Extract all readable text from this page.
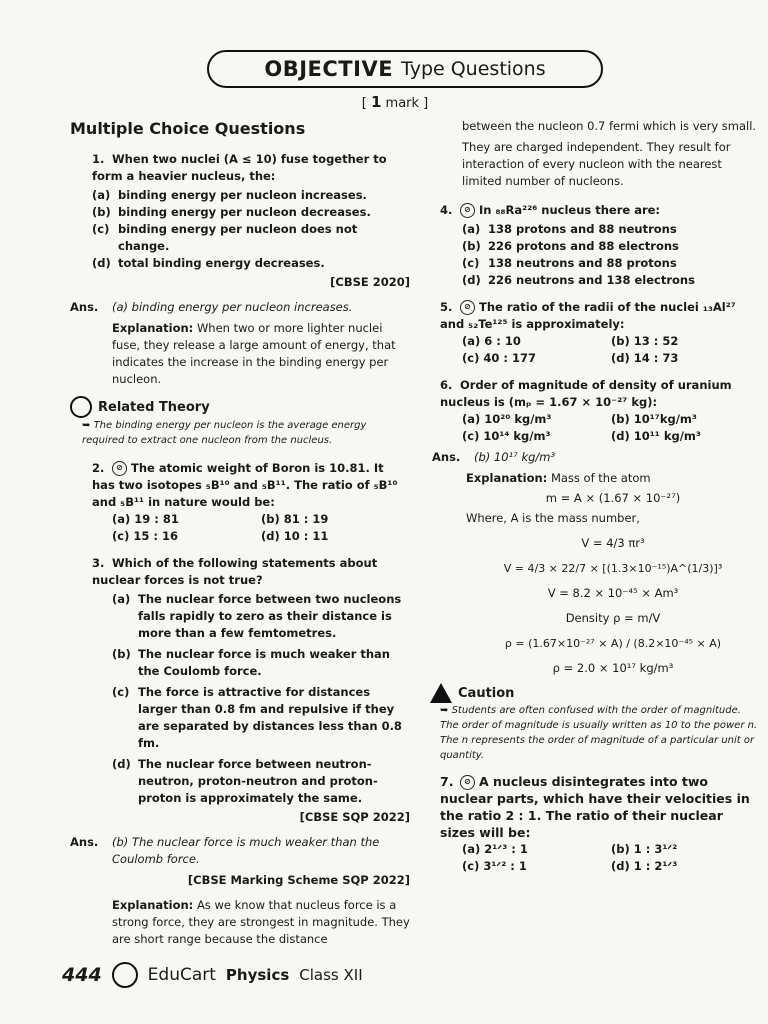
OBJECTIVE Type Questions
[ 1 mark ]
Multiple Choice Questions

1. When two nuclei (A ≤ 10) fuse together to form a heavier nucleus, the:

(a) binding energy per nucleon increases.
(b) binding energy per nucleon decreases.
(c) binding energy per nucleon does not change.
(d) total binding energy decreases.
[CBSE 2020]
Ans. (a) binding energy per nucleon increases.
Explanation: When two or more lighter nuclei fuse, they release a large amount of energy, that indicates the increase in the binding energy per nucleon.
Related Theory
➥ The binding energy per nucleon is the average energy required to extract one nucleon from the nucleus.

2. ⊘ The atomic weight of Boron is 10.81. It has two isotopes ₅B¹⁰ and ₅B¹¹. The ratio of ₅B¹⁰ and ₅B¹¹ in nature would be:

(a) 19 : 81	(b) 81 : 19
(c) 15 : 16	(d) 10 : 11

3. Which of the following statements about nuclear forces is not true?

(a) The nuclear force between two nucleons falls rapidly to zero as their distance is more than a few femtometres.
(b) The nuclear force is much weaker than the Coulomb force.
(c) The force is attractive for distances larger than 0.8 fm and repulsive if they are separated by distances less than 0.8 fm.
(d) The nuclear force between neutron-neutron, proton-neutron and proton-proton is approximately the same.
[CBSE SQP 2022]
Ans.	(b) The nuclear force is much weaker than the Coulomb force.
[CBSE Marking Scheme SQP 2022]
Explanation: As we know that nucleus force is a strong force, they are strongest in magnitude. They are short range because the distance
between the nucleon 0.7 fermi which is very small.
They are charged independent. They result for interaction of every nucleon with the nearest limited number of nucleons.

4. ⊘ In ₈₈Ra²²⁶ nucleus there are:

(a) 138 protons and 88 neutrons
(b) 226 protons and 88 electrons
(c) 138 neutrons and 88 protons
(d) 226 neutrons and 138 electrons

5. ⊘ The ratio of the radii of the nuclei ₁₃Al²⁷ and ₅₂Te¹²⁵ is approximately:

(a) 6 : 10	(b) 13 : 52
(c) 40 : 177	(d) 14 : 73

6. Order of magnitude of density of uranium nucleus is (mₚ = 1.67 × 10⁻²⁷ kg):

(a) 10²⁰ kg/m³	(b) 10¹⁷kg/m³
(c) 10¹⁴ kg/m³	(d) 10¹¹ kg/m³
Ans. (b) 10¹⁷ kg/m³
Explanation: Mass of the atom
m = A × (1.67 × 10⁻²⁷)
Where, A is the mass number,
V = 4/3 πr³
V = 4/3 × 22/7 × [(1.3×10⁻¹⁵)A^(1/3)]³
V = 8.2 × 10⁻⁴⁵ × Am³
Density ρ = m/V
ρ = (1.67×10⁻²⁷ × A) / (8.2×10⁻⁴⁵ × A)
ρ = 2.0 × 10¹⁷ kg/m³
Caution
➥ Students are often confused with the order of magnitude. The order of magnitude is usually written as 10 to the power n. The n represents the order of magnitude of a particular unit or quantity.

7. ⊘ A nucleus disintegrates into two nuclear parts, which have their velocities in the ratio 2 : 1. The ratio of their nuclear sizes will be:

(a) 2¹ᐟ³ : 1	(b) 1 : 3¹ᐟ²
(c) 3¹ᐟ² : 1	(d) 1 : 2¹ᐟ³
444	EduCart Physics Class XII
